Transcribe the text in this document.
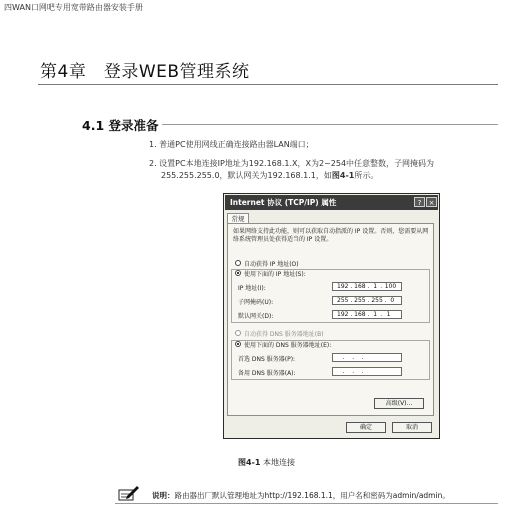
四WAN口网吧专用宽带路由器安装手册
第4章　登录WEB管理系统
4.1 登录准备
1. 普通PC使用网线正确连接路由器LAN端口；
2. 设置PC本地连接IP地址为192.168.1.X，X为2~254中任意整数，子网掩码为
255.255.255.0，默认网关为192.168.1.1，如图4-1所示。
Internet 协议 (TCP/IP) 属性	?	×
常规
如果网络支持此功能，则可以获取自动指派的 IP 设置。否则，您需要从网络系统管理员处获得适当的 IP 设置。
自动获得 IP 地址(O)
使用下面的 IP 地址(S):
IP 地址(I):	192 . 168 .  1  . 100
子网掩码(U):	255 . 255 . 255 .  0
默认网关(D):	192 . 168 .  1  .  1
自动获得 DNS 服务器地址(B)
使用下面的 DNS 服务器地址(E):
首选 DNS 服务器(P):	.    .    .
备用 DNS 服务器(A):	.    .    .
高级(V)...
确定	取消
图4-1 本地连接
说明：路由器出厂默认管理地址为http://192.168.1.1，用户名和密码为admin/admin。
